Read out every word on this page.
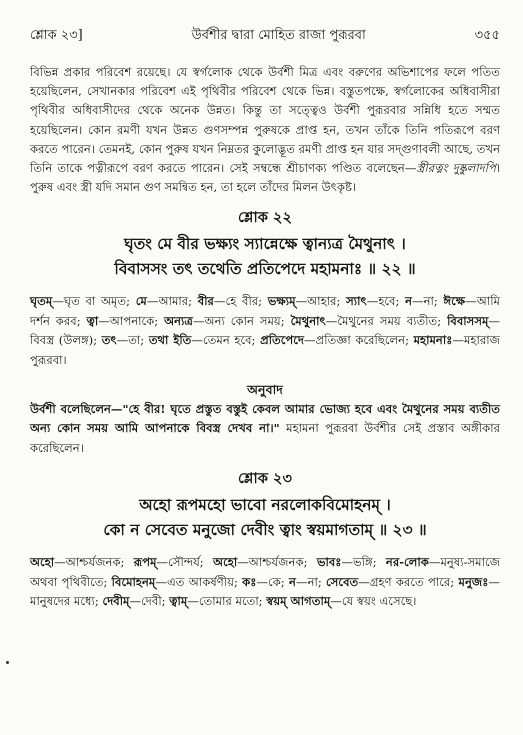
শ্লোক ২৩]	উর্বশীর দ্বারা মোহিত রাজা পুরূরবা	৩৫৫

বিভিন্ন প্রকার পরিবেশ রয়েছে। যে স্বর্গলোক থেকে উর্বশী মিত্র এবং বরুণের অভিশাপের ফলে পতিত হয়েছিলেন, সেখানকার পরিবেশ এই পৃথিবীর পরিবেশ থেকে ভিন্ন। বস্তুতপক্ষে, স্বর্গলোকের অধিবাসীরা পৃথিবীর অধিবাসীদের থেকে অনেক উন্নত। কিন্তু তা সত্ত্বেও উর্বশী পুরূরবার সন্নিধি হতে সম্মত হয়েছিলেন। কোন রমণী যখন উন্নত গুণসম্পন্ন পুরুষকে প্রাপ্ত হন, তখন তাঁকে তিনি পতিরূপে বরণ করতে পারেন। তেমনই, কোন পুরুষ যখন নিম্নতর কুলোদ্ভূত রমণী প্রাপ্ত হন যার সদ্‌গুণাবলী আছে, তখন তিনি তাকে পত্নীরূপে বরণ করতে পারেন। সেই সম্বন্ধে শ্রীচাণক্য পণ্ডিত বলেছেন—স্ত্রীরত্নং দুষ্কুলাদপি। পুরুষ এবং স্ত্রী যদি সমান গুণ সমন্বিত হন, তা হলে তাঁদের মিলন উৎকৃষ্ট।

শ্লোক ২২
ঘৃতং মে বীর ভক্ষ্যং স্যান্নেক্ষে ত্বান্যত্র মৈথুনাৎ ।
বিবাসসং তৎ তথেতি প্রতিপেদে মহামনাঃ ॥ ২২ ॥

ঘৃতম্—ঘৃত বা অমৃত; মে—আমার; বীর—হে বীর; ভক্ষ্যম্—আহার; স্যাৎ—হবে; ন—না; ঈক্ষে—আমি দর্শন করব; ত্বা—আপনাকে; অন্যত্র—অন্য কোন সময়; মৈথুনাৎ—মৈথুনের সময় ব্যতীত; বিবাসসম্—বিবস্ত্র (উলঙ্গ); তৎ—তা; তথা ইতি—তেমন হবে; প্রতিপেদে—প্রতিজ্ঞা করেছিলেন; মহামনাঃ—মহারাজ পুরূরবা।

অনুবাদ

উর্বশী বলেছিলেন—"হে বীর! ঘৃতে প্রস্তুত বস্তুই কেবল আমার ভোজ্য হবে এবং মৈথুনের সময় ব্যতীত অন্য কোন সময় আমি আপনাকে বিবস্ত্র দেখব না।" মহামনা পুরূরবা উর্বশীর সেই প্রস্তাব অঙ্গীকার করেছিলেন।

শ্লোক ২৩
অহো রূপমহো ভাবো নরলোকবিমোহনম্ ।
কো ন সেবেত মনুজো দেবীং ত্বাং স্বয়মাগতাম্ ॥ ২৩ ॥

অহো—আশ্চর্যজনক; রূপম্—সৌন্দর্য; অহো—আশ্চর্যজনক; ভাবঃ—ভঙ্গি; নর-লোক—মনুষ্য-সমাজে অথবা পৃথিবীতে; বিমোহনম্—এত আকর্ষণীয়; কঃ—কে; ন—না; সেবেত—গ্রহণ করতে পারে; মনুজঃ—মানুষদের মধ্যে; দেবীম্—দেবী; ত্বাম্—তোমার মতো; স্বয়ম্ আগতাম্—যে স্বয়ং এসেছে।
